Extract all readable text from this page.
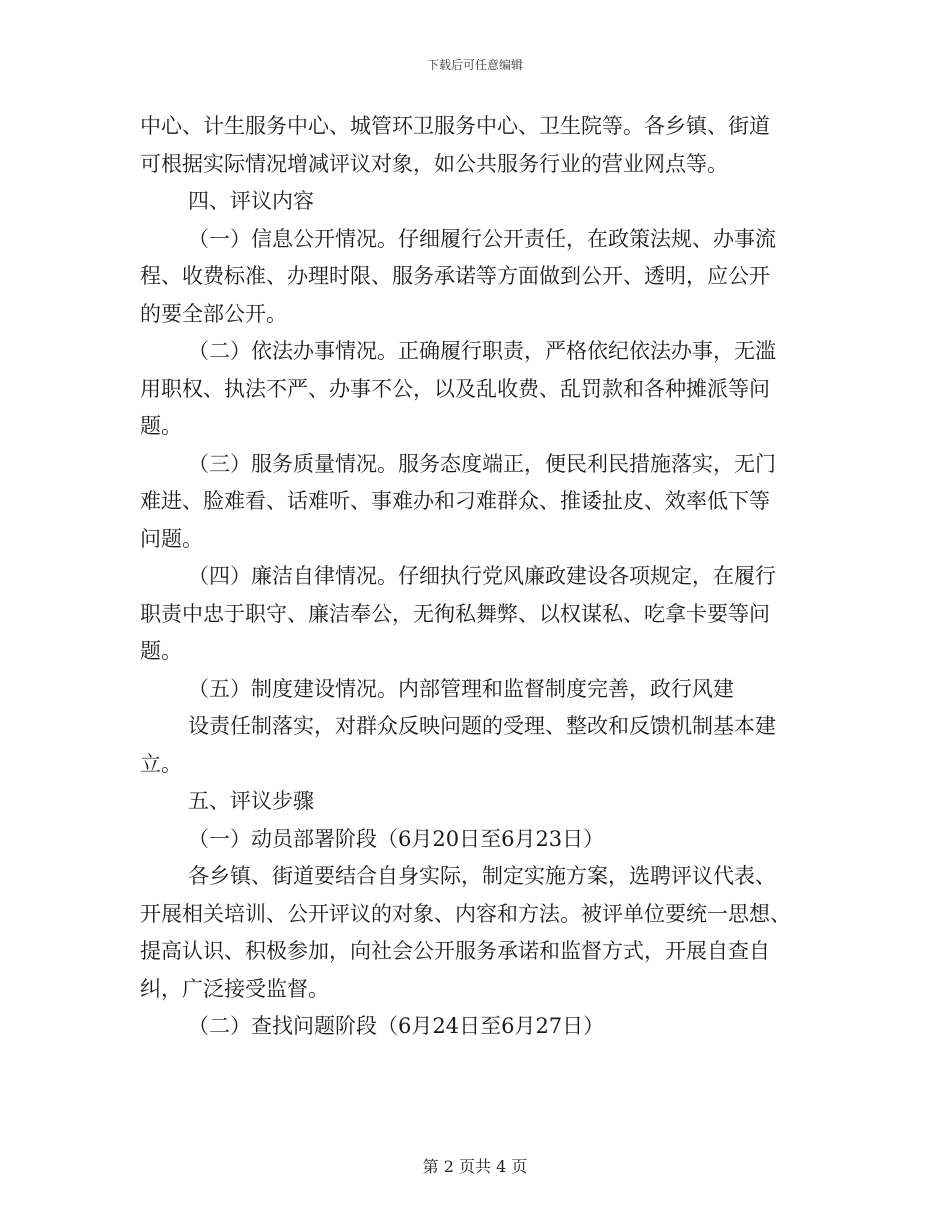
下载后可任意编辑
中心、计生服务中心、城管环卫服务中心、卫生院等。各乡镇、街道
可根据实际情况增减评议对象，如公共服务行业的营业网点等。
四、评议内容
（一）信息公开情况。仔细履行公开责任，在政策法规、办事流
程、收费标准、办理时限、服务承诺等方面做到公开、透明，应公开
的要全部公开。
（二）依法办事情况。正确履行职责，严格依纪依法办事，无滥
用职权、执法不严、办事不公，以及乱收费、乱罚款和各种摊派等问
题。
（三）服务质量情况。服务态度端正，便民利民措施落实，无门
难进、脸难看、话难听、事难办和刁难群众、推诿扯皮、效率低下等
问题。
（四）廉洁自律情况。仔细执行党风廉政建设各项规定，在履行
职责中忠于职守、廉洁奉公，无徇私舞弊、以权谋私、吃拿卡要等问
题。
（五）制度建设情况。内部管理和监督制度完善，政行风建
设责任制落实，对群众反映问题的受理、整改和反馈机制基本建
立。
五、评议步骤
（一）动员部署阶段（6月20日至6月23日）
各乡镇、街道要结合自身实际，制定实施方案，选聘评议代表、
开展相关培训、公开评议的对象、内容和方法。被评单位要统一思想、
提高认识、积极参加，向社会公开服务承诺和监督方式，开展自查自
纠，广泛接受监督。
（二）查找问题阶段（6月24日至6月27日）
第 2 页共 4 页
